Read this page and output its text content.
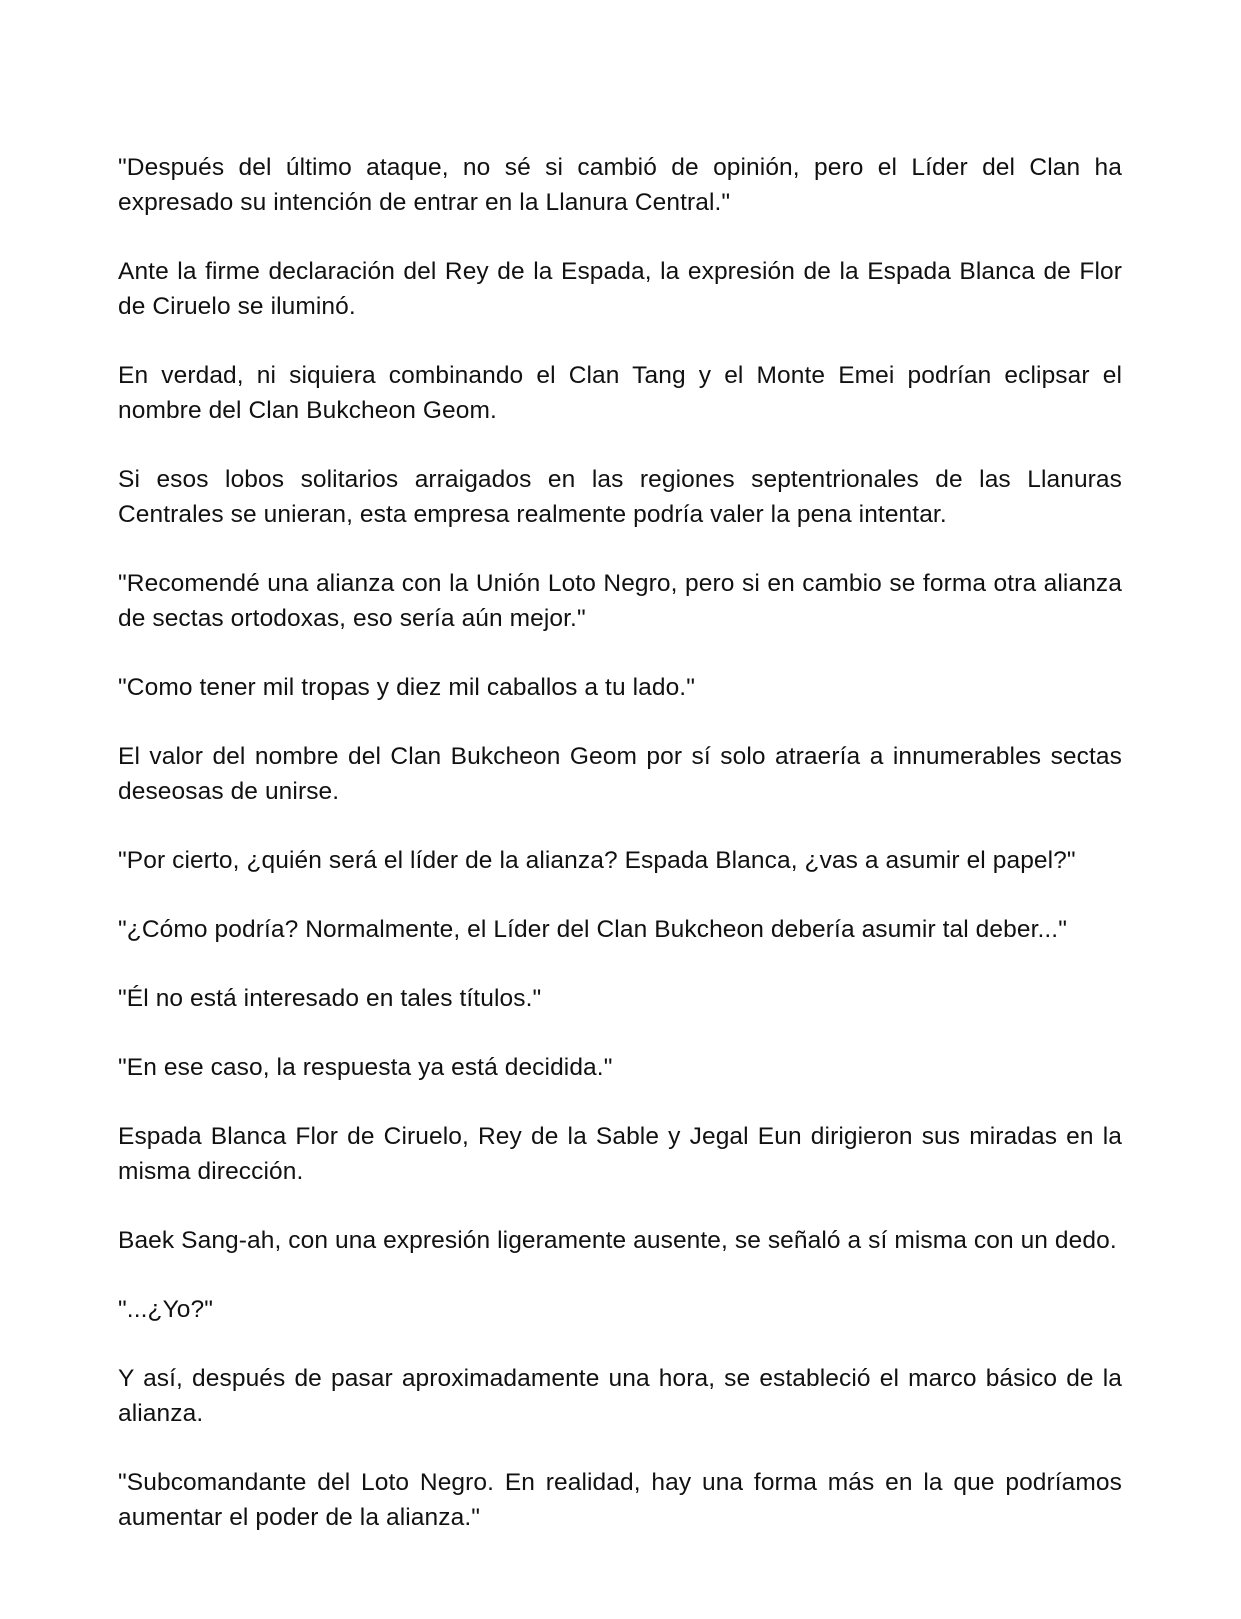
"Después del último ataque, no sé si cambió de opinión, pero el Líder del Clan ha expresado su intención de entrar en la Llanura Central."

Ante la firme declaración del Rey de la Espada, la expresión de la Espada Blanca de Flor de Ciruelo se iluminó.

En verdad, ni siquiera combinando el Clan Tang y el Monte Emei podrían eclipsar el nombre del Clan Bukcheon Geom.

Si esos lobos solitarios arraigados en las regiones septentrionales de las Llanuras Centrales se unieran, esta empresa realmente podría valer la pena intentar.

"Recomendé una alianza con la Unión Loto Negro, pero si en cambio se forma otra alianza de sectas ortodoxas, eso sería aún mejor."

"Como tener mil tropas y diez mil caballos a tu lado."

El valor del nombre del Clan Bukcheon Geom por sí solo atraería a innumerables sectas deseosas de unirse.

"Por cierto, ¿quién será el líder de la alianza? Espada Blanca, ¿vas a asumir el papel?"

"¿Cómo podría? Normalmente, el Líder del Clan Bukcheon debería asumir tal deber..."

"Él no está interesado en tales títulos."

"En ese caso, la respuesta ya está decidida."

Espada Blanca Flor de Ciruelo, Rey de la Sable y Jegal Eun dirigieron sus miradas en la misma dirección.

Baek Sang-ah, con una expresión ligeramente ausente, se señaló a sí misma con un dedo.

"...¿Yo?"

Y así, después de pasar aproximadamente una hora, se estableció el marco básico de la alianza.

"Subcomandante del Loto Negro. En realidad, hay una forma más en la que podríamos aumentar el poder de la alianza."
